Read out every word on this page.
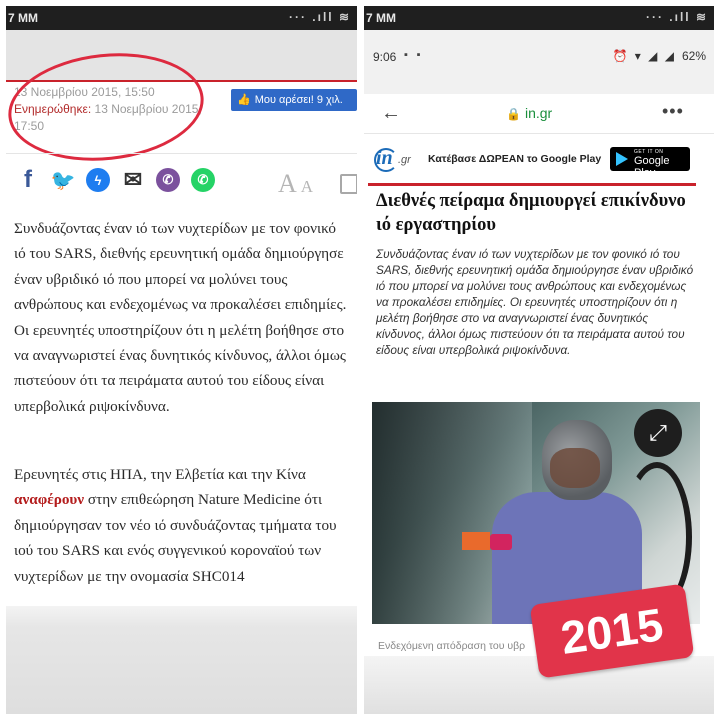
7 MM	··· .ıll ≋
13 Νοεμβρίου 2015, 15:50
Ενημερώθηκε: 13 Νοεμβρίου 2015, 17:50
👍 Μου αρέσει! 9 χιλ.
f 🐦	ϟ	✉	✆	✆	A A

Συνδυάζοντας έναν ιό των νυχτερίδων με τον φονικό ιό του SARS, διεθνής ερευνητική ομάδα δημιούργησε έναν υβριδικό ιό που μπορεί να μολύνει τους ανθρώπους και ενδεχομένως να προκαλέσει επιδημίες. Οι ερευνητές υποστηρίζουν ότι η μελέτη βοήθησε στο να αναγνωριστεί ένας δυνητικός κίνδυνος, άλλοι όμως πιστεύουν ότι τα πειράματα αυτού του είδους είναι υπερβολικά ριψοκίνδυνα.

Ερευνητές στις ΗΠΑ, την Ελβετία και την Κίνα αναφέρουν στην επιθεώρηση Nature Medicine ότι δημιούργησαν τον νέο ιό συνδυάζοντας τμήματα του ιού του SARS και ενός συγγενικού κοροναϊού των νυχτερίδων με την ονομασία SHC014

7 MM	··· .ıll ≋
9:06 ▪ ▪	⏰ ▾ ◢ ◢ 62%
←	🔒 in.gr	•••
in .gr Κατέβασε ΔΩΡΕΑΝ το Google Play
GET IT ON
Google Play
Διεθνές πείραμα δημιουργεί επικίνδυνο ιό εργαστηρίου

Συνδυάζοντας έναν ιό των νυχτερίδων με τον φονικό ιό του SARS, διεθνής ερευνητική ομάδα δημιούργησε έναν υβριδικό ιό που μπορεί να μολύνει τους ανθρώπους και ενδεχομένως να προκαλέσει επιδημίες. Οι ερευνητές υποστηρίζουν ότι η μελέτη βοήθησε στο να αναγνωριστεί ένας δυνητικός κίνδυνος, άλλοι όμως πιστεύουν ότι τα πειράματα αυτού του είδους είναι υπερβολικά ριψοκίνδυνα.

⤢
Ενδεχόμενη απόδραση του υβρ 2015
